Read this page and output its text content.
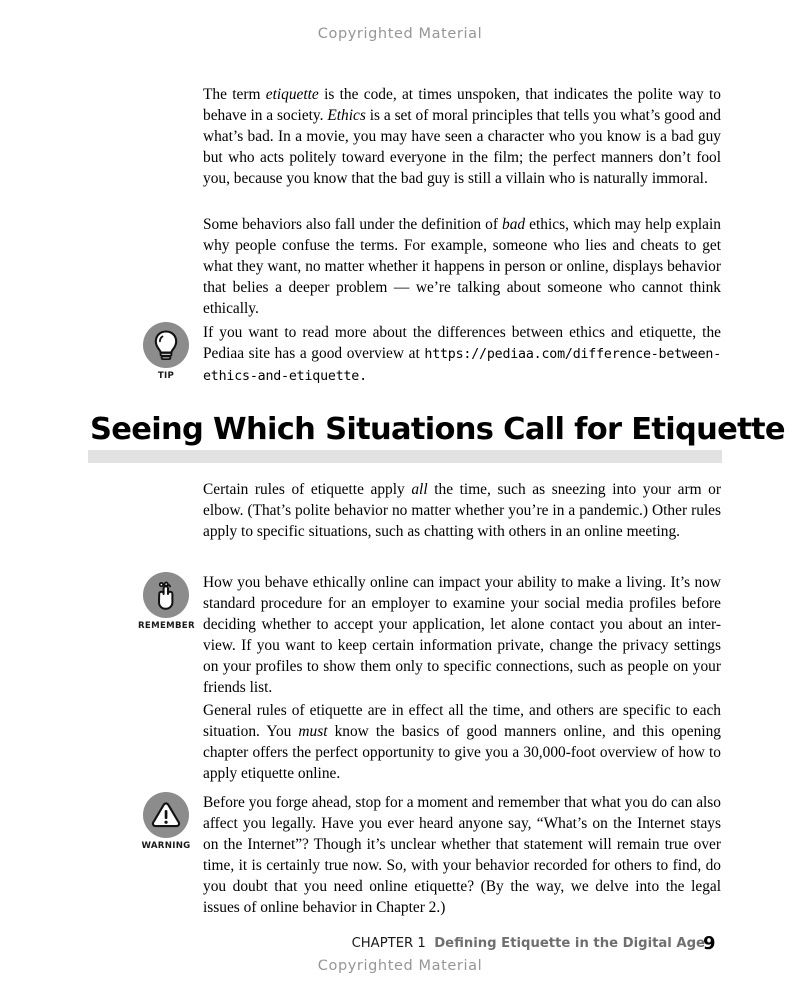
Copyrighted Material

The term etiquette is the code, at times unspoken, that indicates the polite way to behave in a society. Ethics is a set of moral principles that tells you what’s good and what’s bad. In a movie, you may have seen a character who you know is a bad guy but who acts politely toward everyone in the film; the perfect manners don’t fool you, because you know that the bad guy is still a villain who is naturally immoral.

Some behaviors also fall under the definition of bad ethics, which may help explain why people confuse the terms. For example, someone who lies and cheats to get what they want, no matter whether it happens in person or online, displays behavior that belies a deeper problem — we’re talking about someone who cannot think ethically.

TIP

If you want to read more about the differences between ethics and etiquette, the Pediaa site has a good overview at https://pediaa.com/difference-between-ethics-and-etiquette.

Seeing Which Situations Call for Etiquette

Certain rules of etiquette apply all the time, such as sneezing into your arm or elbow. (That’s polite behavior no matter whether you’re in a pandemic.) Other rules apply to specific situations, such as chatting with others in an online meeting.

REMEMBER

How you behave ethically online can impact your ability to make a living. It’s now standard procedure for an employer to examine your social media profiles before deciding whether to accept your application, let alone contact you about an inter-view. If you want to keep certain information private, change the privacy settings on your profiles to show them only to specific connections, such as people on your friends list.

General rules of etiquette are in effect all the time, and others are specific to each situation. You must know the basics of good manners online, and this opening chapter offers the perfect opportunity to give you a 30,000-foot overview of how to apply etiquette online.

WARNING

Before you forge ahead, stop for a moment and remember that what you do can also affect you legally. Have you ever heard anyone say, “What’s on the Internet stays on the Internet”? Though it’s unclear whether that statement will remain true over time, it is certainly true now. So, with your behavior recorded for others to find, do you doubt that you need online etiquette? (By the way, we delve into the legal issues of online behavior in Chapter 2.)

CHAPTER 1 Defining Etiquette in the Digital Age
9
Copyrighted Material
